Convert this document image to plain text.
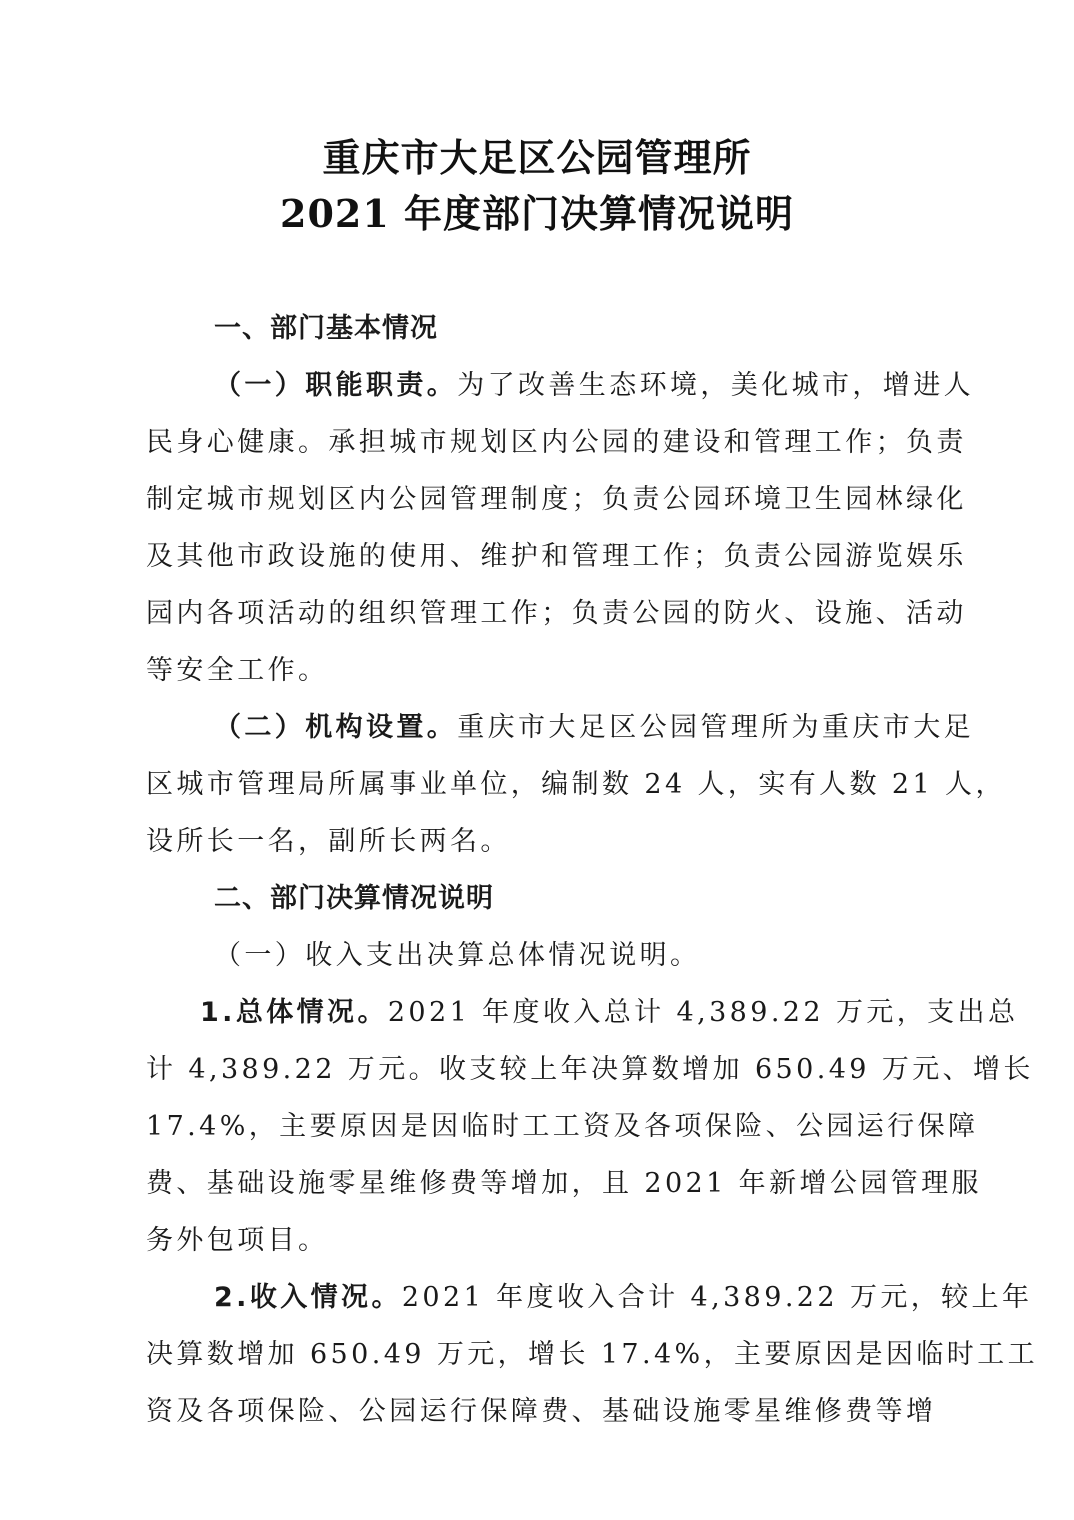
重庆市大足区公园管理所
2021 年度部门决算情况说明
一、部门基本情况
（一）职能职责。为了改善生态环境，美化城市，增进人
民身心健康。承担城市规划区内公园的建设和管理工作；负责
制定城市规划区内公园管理制度；负责公园环境卫生园林绿化
及其他市政设施的使用、维护和管理工作；负责公园游览娱乐
园内各项活动的组织管理工作；负责公园的防火、设施、活动
等安全工作。
（二）机构设置。重庆市大足区公园管理所为重庆市大足
区城市管理局所属事业单位，编制数 24 人，实有人数 21 人，
设所长一名，副所长两名。
二、部门决算情况说明
（一）收入支出决算总体情况说明。
1.总体情况。2021 年度收入总计 4,389.22 万元，支出总
计 4,389.22 万元。收支较上年决算数增加 650.49 万元、增长
17.4%，主要原因是因临时工工资及各项保险、公园运行保障
费、基础设施零星维修费等增加，且 2021 年新增公园管理服
务外包项目。
2.收入情况。2021 年度收入合计 4,389.22 万元，较上年
决算数增加 650.49 万元，增长 17.4%，主要原因是因临时工工
资及各项保险、公园运行保障费、基础设施零星维修费等增
